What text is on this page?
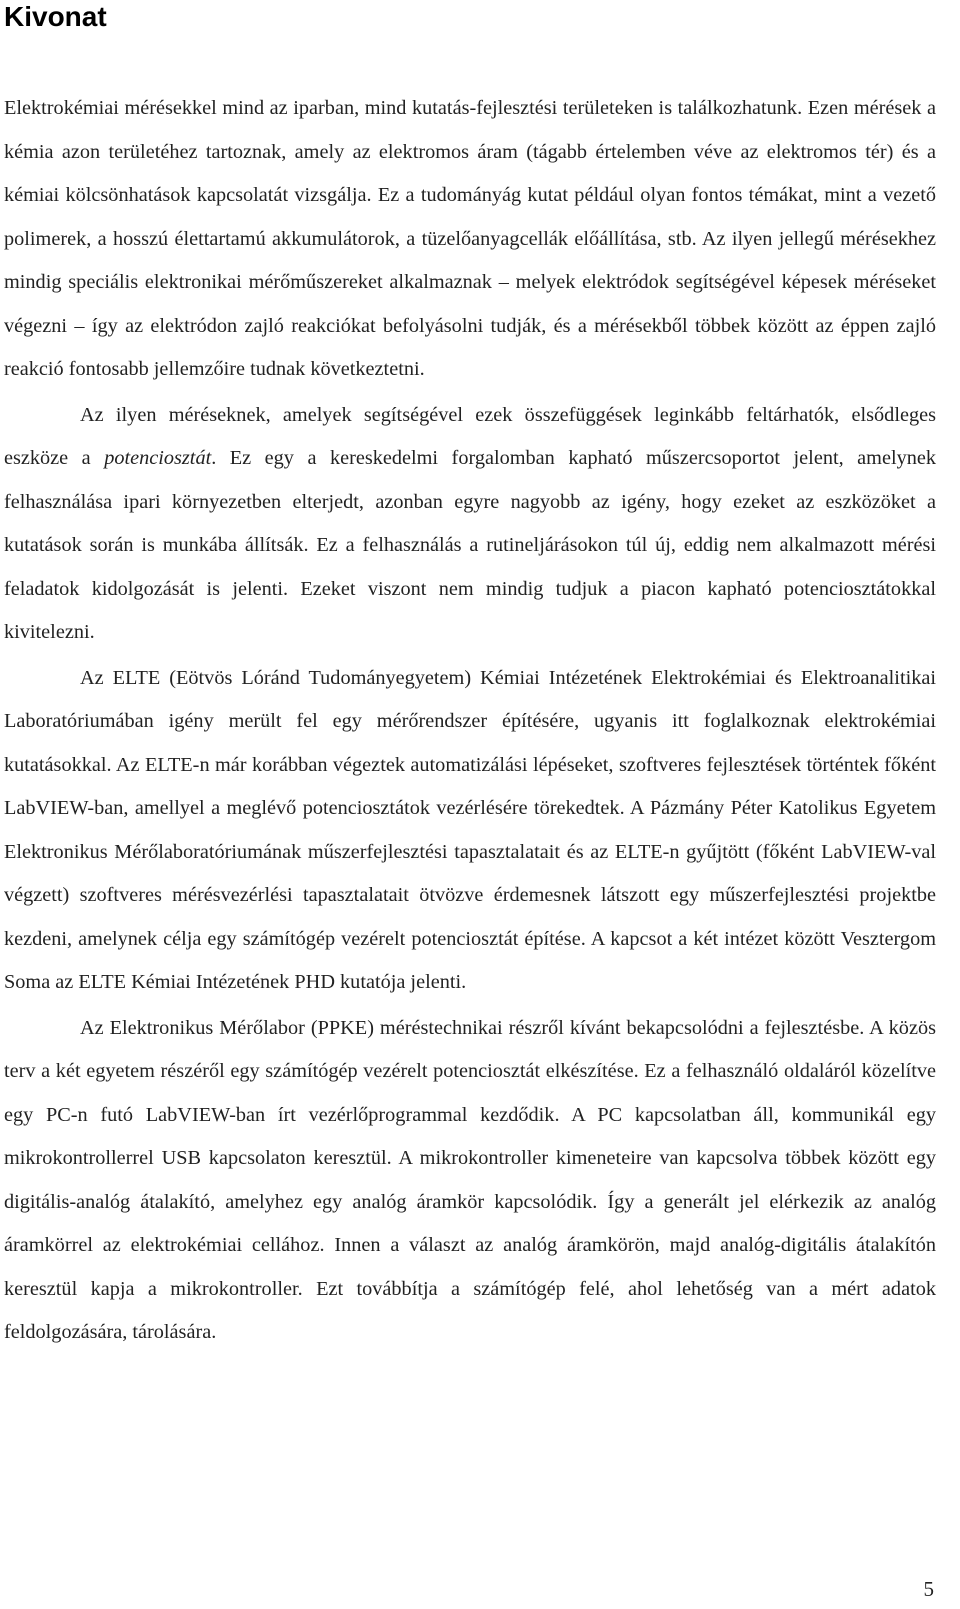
Kivonat

Elektrokémiai mérésekkel mind az iparban, mind kutatás-fejlesztési területeken is találkozhatunk. Ezen mérések a kémia azon területéhez tartoznak, amely az elektromos áram (tágabb értelemben véve az elektromos tér) és a kémiai kölcsönhatások kapcsolatát vizsgálja. Ez a tudományág kutat például olyan fontos témákat, mint a vezető polimerek, a hosszú élettartamú akkumulátorok, a tüzelőanyagcellák előállítása, stb. Az ilyen jellegű mérésekhez mindig speciális elektronikai mérőműszereket alkalmaznak – melyek elektródok segítségével képesek méréseket végezni – így az elektródon zajló reakciókat befolyásolni tudják, és a mérésekből többek között az éppen zajló reakció fontosabb jellemzőire tudnak következtetni.

Az ilyen méréseknek, amelyek segítségével ezek összefüggések leginkább feltárhatók, elsődleges eszköze a potenciosztát. Ez egy a kereskedelmi forgalomban kapható műszercsoportot jelent, amelynek felhasználása ipari környezetben elterjedt, azonban egyre nagyobb az igény, hogy ezeket az eszközöket a kutatások során is munkába állítsák. Ez a felhasználás a rutineljárásokon túl új, eddig nem alkalmazott mérési feladatok kidolgozását is jelenti. Ezeket viszont nem mindig tudjuk a piacon kapható potenciosztátokkal kivitelezni.

Az ELTE (Eötvös Lóránd Tudományegyetem) Kémiai Intézetének Elektrokémiai és Elektroanalitikai Laboratóriumában igény merült fel egy mérőrendszer építésére, ugyanis itt foglalkoznak elektrokémiai kutatásokkal. Az ELTE-n már korábban végeztek automatizálási lépéseket, szoftveres fejlesztések történtek főként LabVIEW-ban, amellyel a meglévő potenciosztátok vezérlésére törekedtek. A Pázmány Péter Katolikus Egyetem Elektronikus Mérőlaboratóriumának műszerfejlesztési tapasztalatait és az ELTE-n gyűjtött (főként LabVIEW-val végzett) szoftveres mérésvezérlési tapasztalatait ötvözve érdemesnek látszott egy műszerfejlesztési projektbe kezdeni, amelynek célja egy számítógép vezérelt potenciosztát építése. A kapcsot a két intézet között Vesztergom Soma az ELTE Kémiai Intézetének PHD kutatója jelenti.

Az Elektronikus Mérőlabor (PPKE) méréstechnikai részről kívánt bekapcsolódni a fejlesztésbe. A közös terv a két egyetem részéről egy számítógép vezérelt potenciosztát elkészítése. Ez a felhasználó oldaláról közelítve egy PC-n futó LabVIEW-ban írt vezérlőprogrammal kezdődik. A PC kapcsolatban áll, kommunikál egy mikrokontrollerrel USB kapcsolaton keresztül. A mikrokontroller kimeneteire van kapcsolva többek között egy digitális-analóg átalakító, amelyhez egy analóg áramkör kapcsolódik. Így a generált jel elérkezik az analóg áramkörrel az elektrokémiai cellához. Innen a választ az analóg áramkörön, majd analóg-digitális átalakítón keresztül kapja a mikrokontroller. Ezt továbbítja a számítógép felé, ahol lehetőség van a mért adatok feldolgozására, tárolására.

5
